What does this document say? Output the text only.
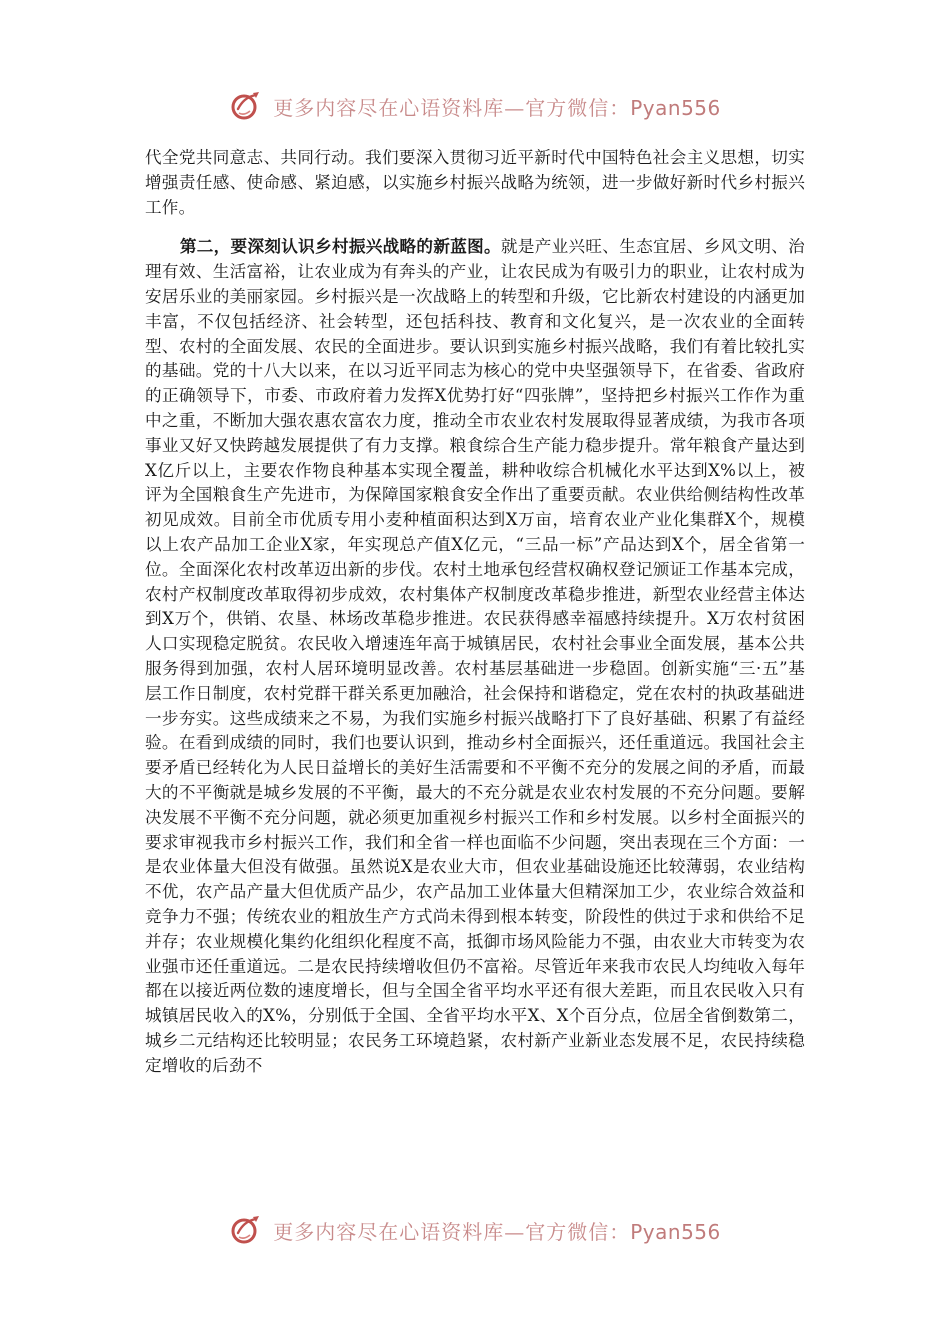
更多内容尽在心语资料库—官方微信：Pyan556

代全党共同意志、共同行动。我们要深入贯彻习近平新时代中国特色社会主义思想，切实增强责任感、使命感、紧迫感，以实施乡村振兴战略为统领，进一步做好新时代乡村振兴工作。

第二，要深刻认识乡村振兴战略的新蓝图。就是产业兴旺、生态宜居、乡风文明、治理有效、生活富裕，让农业成为有奔头的产业，让农民成为有吸引力的职业，让农村成为安居乐业的美丽家园。乡村振兴是一次战略上的转型和升级，它比新农村建设的内涵更加丰富，不仅包括经济、社会转型，还包括科技、教育和文化复兴，是一次农业的全面转型、农村的全面发展、农民的全面进步。要认识到实施乡村振兴战略，我们有着比较扎实的基础。党的十八大以来，在以习近平同志为核心的党中央坚强领导下，在省委、省政府的正确领导下，市委、市政府着力发挥X优势打好“四张牌”，坚持把乡村振兴工作作为重中之重，不断加大强农惠农富农力度，推动全市农业农村发展取得显著成绩，为我市各项事业又好又快跨越发展提供了有力支撑。粮食综合生产能力稳步提升。常年粮食产量达到X亿斤以上，主要农作物良种基本实现全覆盖，耕种收综合机械化水平达到X%以上，被评为全国粮食生产先进市，为保障国家粮食安全作出了重要贡献。农业供给侧结构性改革初见成效。目前全市优质专用小麦种植面积达到X万亩，培育农业产业化集群X个，规模以上农产品加工企业X家，年实现总产值X亿元，“三品一标”产品达到X个，居全省第一位。全面深化农村改革迈出新的步伐。农村土地承包经营权确权登记颁证工作基本完成，农村产权制度改革取得初步成效，农村集体产权制度改革稳步推进，新型农业经营主体达到X万个，供销、农垦、林场改革稳步推进。农民获得感幸福感持续提升。X万农村贫困人口实现稳定脱贫。农民收入增速连年高于城镇居民，农村社会事业全面发展，基本公共服务得到加强，农村人居环境明显改善。农村基层基础进一步稳固。创新实施“三·五”基层工作日制度，农村党群干群关系更加融洽，社会保持和谐稳定，党在农村的执政基础进一步夯实。这些成绩来之不易，为我们实施乡村振兴战略打下了良好基础、积累了有益经验。在看到成绩的同时，我们也要认识到，推动乡村全面振兴，还任重道远。我国社会主要矛盾已经转化为人民日益增长的美好生活需要和不平衡不充分的发展之间的矛盾，而最大的不平衡就是城乡发展的不平衡，最大的不充分就是农业农村发展的不充分问题。要解决发展不平衡不充分问题，就必须更加重视乡村振兴工作和乡村发展。以乡村全面振兴的要求审视我市乡村振兴工作，我们和全省一样也面临不少问题，突出表现在三个方面：一是农业体量大但没有做强。虽然说X是农业大市，但农业基础设施还比较薄弱，农业结构不优，农产品产量大但优质产品少，农产品加工业体量大但精深加工少，农业综合效益和竞争力不强；传统农业的粗放生产方式尚未得到根本转变，阶段性的供过于求和供给不足并存；农业规模化集约化组织化程度不高，抵御市场风险能力不强，由农业大市转变为农业强市还任重道远。二是农民持续增收但仍不富裕。尽管近年来我市农民人均纯收入每年都在以接近两位数的速度增长，但与全国全省平均水平还有很大差距，而且农民收入只有城镇居民收入的X%，分别低于全国、全省平均水平X、X个百分点，位居全省倒数第二，城乡二元结构还比较明显；农民务工环境趋紧，农村新产业新业态发展不足，农民持续稳定增收的后劲不

更多内容尽在心语资料库—官方微信：Pyan556
